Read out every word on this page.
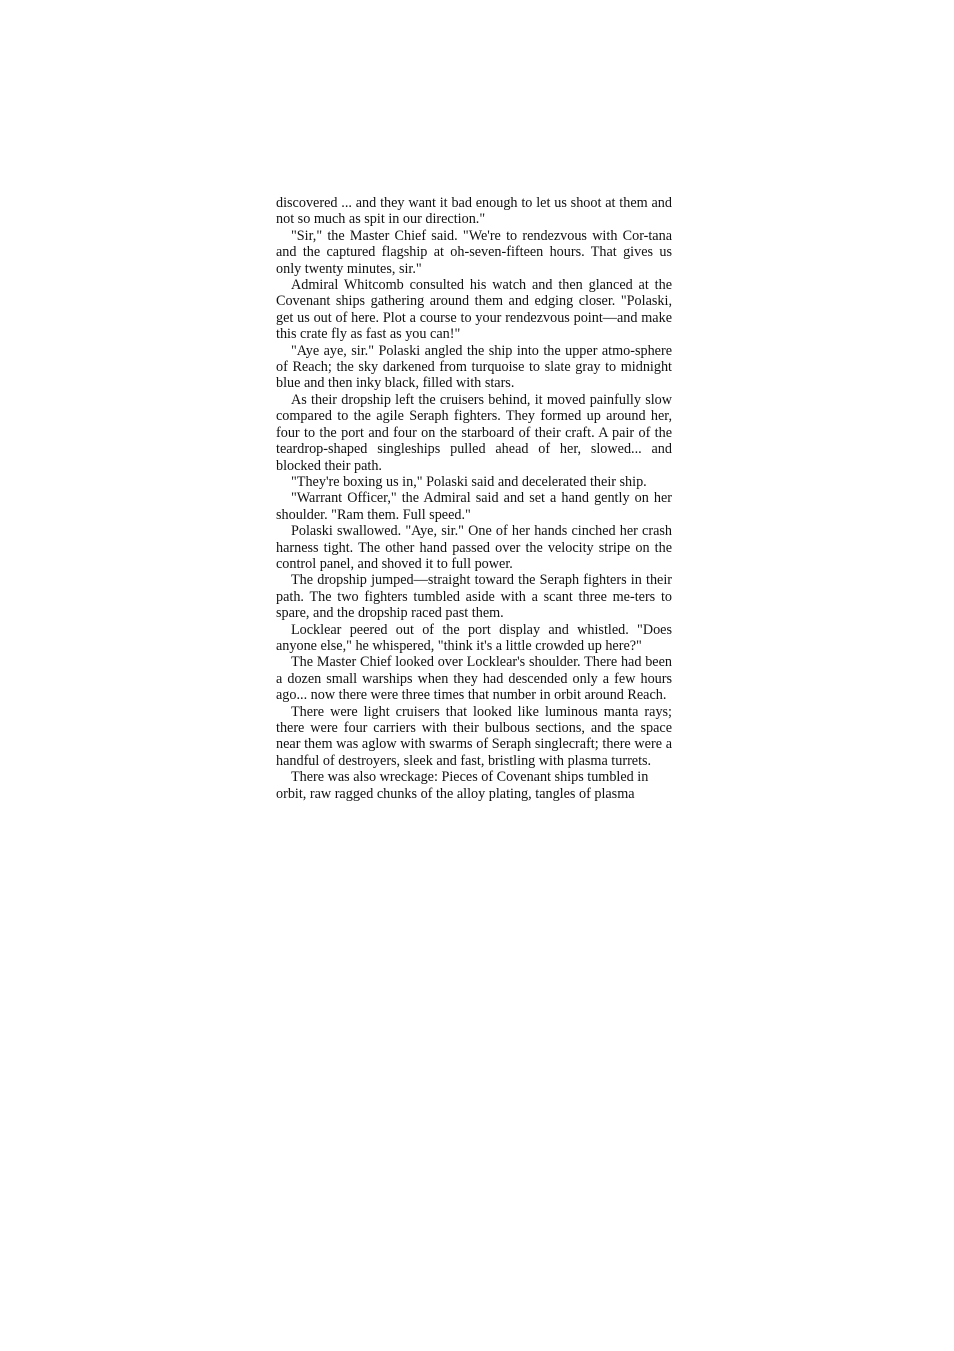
discovered ... and they want it bad enough to let us shoot at them and not so much as spit in our direction."

"Sir," the Master Chief said. "We're to rendezvous with Cor-tana and the captured flagship at oh-seven-fifteen hours. That gives us only twenty minutes, sir."

Admiral Whitcomb consulted his watch and then glanced at the Covenant ships gathering around them and edging closer. "Polaski, get us out of here. Plot a course to your rendezvous point—and make this crate fly as fast as you can!"

"Aye aye, sir." Polaski angled the ship into the upper atmo-sphere of Reach; the sky darkened from turquoise to slate gray to midnight blue and then inky black, filled with stars.

As their dropship left the cruisers behind, it moved painfully slow compared to the agile Seraph fighters. They formed up around her, four to the port and four on the starboard of their craft. A pair of the teardrop-shaped singleships pulled ahead of her, slowed... and blocked their path.

"They're boxing us in," Polaski said and decelerated their ship.

"Warrant Officer," the Admiral said and set a hand gently on her shoulder. "Ram them. Full speed."

Polaski swallowed. "Aye, sir." One of her hands cinched her crash harness tight. The other hand passed over the velocity stripe on the control panel, and shoved it to full power.

The dropship jumped—straight toward the Seraph fighters in their path. The two fighters tumbled aside with a scant three me-ters to spare, and the dropship raced past them.

Locklear peered out of the port display and whistled. "Does anyone else," he whispered, "think it's a little crowded up here?"

The Master Chief looked over Locklear's shoulder. There had been a dozen small warships when they had descended only a few hours ago... now there were three times that number in orbit around Reach.

There were light cruisers that looked like luminous manta rays; there were four carriers with their bulbous sections, and the space near them was aglow with swarms of Seraph singlecraft; there were a handful of destroyers, sleek and fast, bristling with plasma turrets.

There was also wreckage: Pieces of Covenant ships tumbled in orbit, raw ragged chunks of the alloy plating, tangles of plasma
